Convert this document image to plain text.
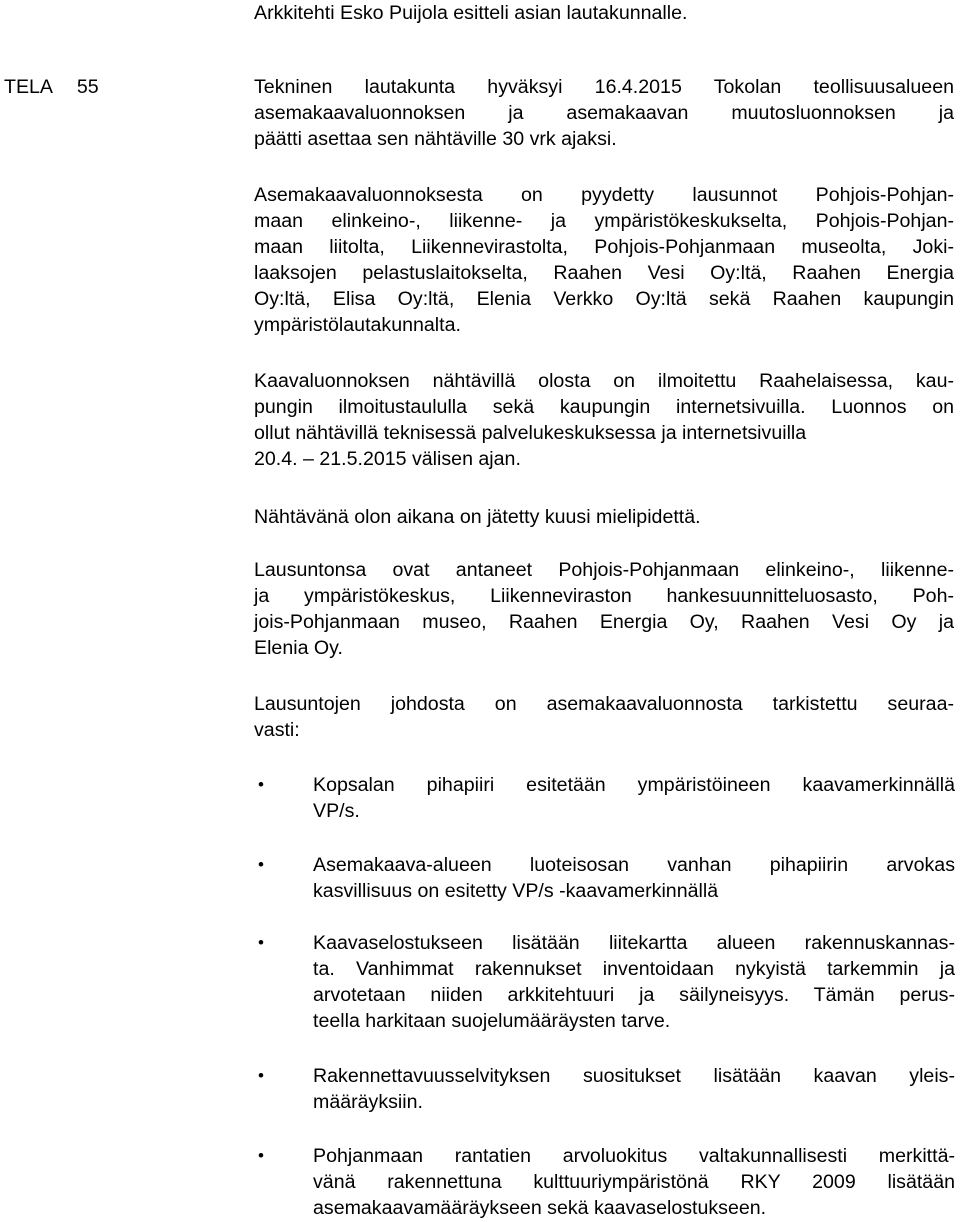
Arkkitehti Esko Puijola esitteli asian lautakunnalle.
TELA 55	Tekninen lautakunta hyväksyi 16.4.2015 Tokolan teollisuusalueen
asemakaavaluonnoksen ja asemakaavan muutosluonnoksen ja
päätti asettaa sen nähtäville 30 vrk ajaksi.
Asemakaavaluonnoksesta on pyydetty lausunnot Pohjois-Pohjan-
maan elinkeino-, liikenne- ja ympäristökeskukselta, Pohjois-Pohjan-
maan liitolta, Liikennevirastolta, Pohjois-Pohjanmaan museolta, Joki-
laaksojen pelastuslaitokselta, Raahen Vesi Oy:ltä, Raahen Energia
Oy:ltä, Elisa Oy:ltä, Elenia Verkko Oy:ltä sekä Raahen kaupungin
ympäristölautakunnalta.
Kaavaluonnoksen nähtävillä olosta on ilmoitettu Raahelaisessa, kau-
pungin ilmoitustaululla sekä kaupungin internetsivuilla. Luonnos on
ollut nähtävillä teknisessä palvelukeskuksessa ja internetsivuilla
20.4. – 21.5.2015 välisen ajan.
Nähtävänä olon aikana on jätetty kuusi mielipidettä.
Lausuntonsa ovat antaneet Pohjois-Pohjanmaan elinkeino-, liikenne-
ja ympäristökeskus, Liikenneviraston hankesuunnitteluosasto, Poh-
jois-Pohjanmaan museo, Raahen Energia Oy, Raahen Vesi Oy ja
Elenia Oy.
Lausuntojen johdosta on asemakaavaluonnosta tarkistettu seuraa-
vasti:
•	Kopsalan pihapiiri esitetään ympäristöineen kaavamerkinnällä
VP/s.
•	Asemakaava-alueen luoteisosan vanhan pihapiirin arvokas
kasvillisuus on esitetty VP/s -kaavamerkinnällä
•	Kaavaselostukseen lisätään liitekartta alueen rakennuskannas-
ta. Vanhimmat rakennukset inventoidaan nykyistä tarkemmin ja
arvotetaan niiden arkkitehtuuri ja säilyneisyys. Tämän perus-
teella harkitaan suojelumääräysten tarve.
•	Rakennettavuusselvityksen suositukset lisätään kaavan yleis-
määräyksiin.
•	Pohjanmaan rantatien arvoluokitus valtakunnallisesti merkittä-
vänä rakennettuna kulttuuriympäristönä RKY 2009 lisätään
asemakaavamääräykseen sekä kaavaselostukseen.
